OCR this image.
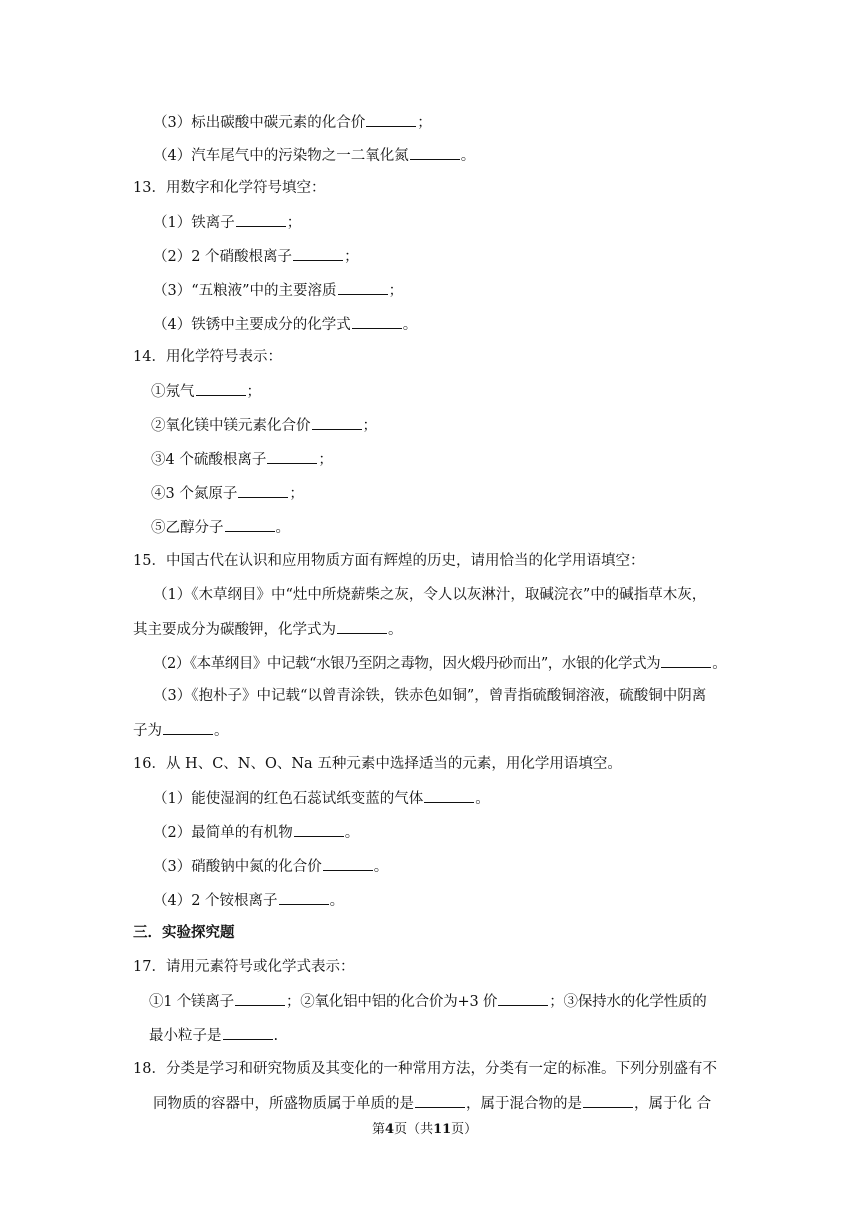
（3）标出碳酸中碳元素的化合价	；
（4）汽车尾气中的污染物之一二氧化氮	。
13．用数字和化学符号填空：
（1）铁离子	；
（2）2 个硝酸根离子	；
（3）“五粮液”中的主要溶质	；
（4）铁锈中主要成分的化学式	。
14．用化学符号表示：
①氖气	；
②氧化镁中镁元素化合价	；
③4 个硫酸根离子	；
④3 个氮原子	；
⑤乙醇分子	。
15．中国古代在认识和应用物质方面有辉煌的历史，请用恰当的化学用语填空：
（1）《木草纲目》中“灶中所烧薪柴之灰，令人以灰淋汁，取碱浣衣”中的碱指草木灰，
其主要成分为碳酸钾，化学式为	。
（2）《本革纲目》中记载“水银乃至阴之毒物，因火煅丹砂而出”，水银的化学式为	。
（3）《抱朴子》中记载“以曾青涂铁，铁赤色如铜”，曾青指硫酸铜溶液，硫酸铜中阴离
子为	。
16．从 H、C、N、O、Na 五种元素中选择适当的元素，用化学用语填空。
（1）能使湿润的红色石蕊试纸变蓝的气体	。
（2）最简单的有机物	。
（3）硝酸钠中氮的化合价	。
（4）2 个铵根离子	。
三．实验探究题
17．请用元素符号或化学式表示：
①1 个镁离子	；②氧化铝中铝的化合价为+3 价	；③保持水的化学性质的
最小粒子是	.
18．分类是学习和研究物质及其变化的一种常用方法，分类有一定的标准。下列分别盛有不
同物质的容器中，所盛物质属于单质的是	，属于混合物的是	，属于化 合
第4页（共11页）
